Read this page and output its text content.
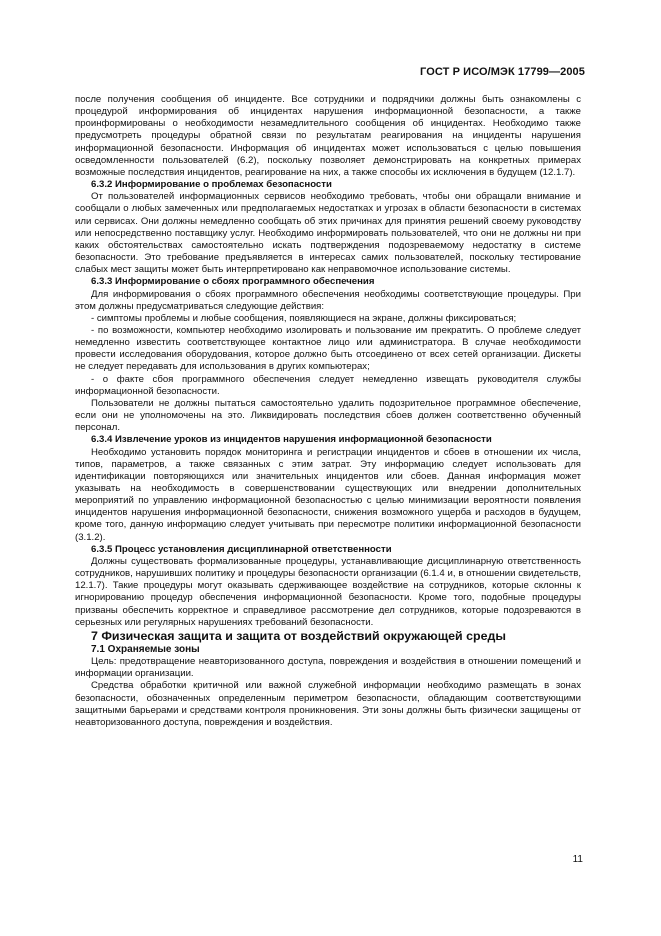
ГОСТ Р ИСО/МЭК 17799—2005

после получения сообщения об инциденте. Все сотрудники и подрядчики должны быть ознакомлены с процедурой информирования об инцидентах нарушения информационной безопасности, а также проинформированы о необходимости незамедлительного сообщения об инцидентах. Необходимо также предусмотреть процедуры обратной связи по результатам реагирования на инциденты нарушения информационной безопасности. Информация об инцидентах может использоваться с целью повышения осведомленности пользователей (6.2), поскольку позволяет демонстрировать на конкретных примерах возможные последствия инцидентов, реагирование на них, а также способы их исключения в будущем (12.1.7).

6.3.2 Информирование о проблемах безопасности

От пользователей информационных сервисов необходимо требовать, чтобы они обращали внимание и сообщали о любых замеченных или предполагаемых недостатках и угрозах в области безопасности в системах или сервисах. Они должны немедленно сообщать об этих причинах для принятия решений своему руководству или непосредственно поставщику услуг. Необходимо информировать пользователей, что они не должны ни при каких обстоятельствах самостоятельно искать подтверждения подозреваемому недостатку в системе безопасности. Это требование предъявляется в интересах самих пользователей, поскольку тестирование слабых мест защиты может быть интерпретировано как неправомочное использование системы.

6.3.3 Информирование о сбоях программного обеспечения

Для информирования о сбоях программного обеспечения необходимы соответствующие процедуры. При этом должны предусматриваться следующие действия:

- симптомы проблемы и любые сообщения, появляющиеся на экране, должны фиксироваться;

- по возможности, компьютер необходимо изолировать и пользование им прекратить. О проблеме следует немедленно известить соответствующее контактное лицо или администратора. В случае необходимости провести исследования оборудования, которое должно быть отсоединено от всех сетей организации. Дискеты не следует передавать для использования в других компьютерах;

- о факте сбоя программного обеспечения следует немедленно извещать руководителя службы информационной безопасности.

Пользователи не должны пытаться самостоятельно удалить подозрительное программное обеспечение, если они не уполномочены на это. Ликвидировать последствия сбоев должен соответственно обученный персонал.

6.3.4 Извлечение уроков из инцидентов нарушения информационной безопасности

Необходимо установить порядок мониторинга и регистрации инцидентов и сбоев в отношении их числа, типов, параметров, а также связанных с этим затрат. Эту информацию следует использовать для идентификации повторяющихся или значительных инцидентов или сбоев. Данная информация может указывать на необходимость в совершенствовании существующих или внедрении дополнительных мероприятий по управлению информационной безопасностью с целью минимизации вероятности появления инцидентов нарушения информационной безопасности, снижения возможного ущерба и расходов в будущем, кроме того, данную информацию следует учитывать при пересмотре политики информационной безопасности (3.1.2).

6.3.5 Процесс установления дисциплинарной ответственности

Должны существовать формализованные процедуры, устанавливающие дисциплинарную ответственность сотрудников, нарушивших политику и процедуры безопасности организации (6.1.4 и, в отношении свидетельств, 12.1.7). Такие процедуры могут оказывать сдерживающее воздействие на сотрудников, которые склонны к игнорированию процедур обеспечения информационной безопасности. Кроме того, подобные процедуры призваны обеспечить корректное и справедливое рассмотрение дел сотрудников, которые подозреваются в серьезных или регулярных нарушениях требований безопасности.

7 Физическая защита и защита от воздействий окружающей среды

7.1 Охраняемые зоны

Цель: предотвращение неавторизованного доступа, повреждения и воздействия в отношении помещений и информации организации.

Средства обработки критичной или важной служебной информации необходимо размещать в зонах безопасности, обозначенных определенным периметром безопасности, обладающим соответствующими защитными барьерами и средствами контроля проникновения. Эти зоны должны быть физически защищены от неавторизованного доступа, повреждения и воздействия.

11
